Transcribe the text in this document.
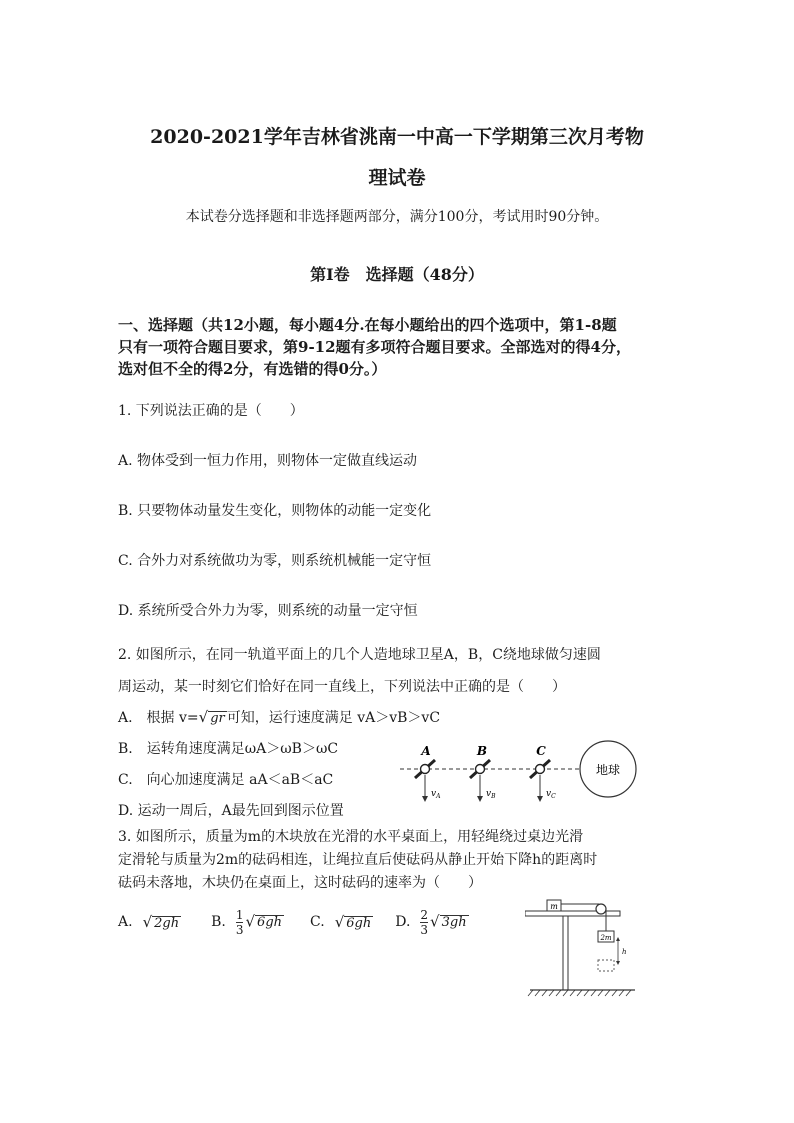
2020-2021学年吉林省洮南一中高一下学期第三次月考物
理试卷
本试卷分选择题和非选择题两部分，满分100分，考试用时90分钟。
第Ⅰ卷　选择题（48分）
一、选择题（共12小题，每小题4分.在每小题给出的四个选项中，第1-8题
只有一项符合题目要求，第9-12题有多项符合题目要求。全部选对的得4分，
选对但不全的得2分，有选错的得0分。）
1. 下列说法正确的是（　　）
A. 物体受到一恒力作用，则物体一定做直线运动
B. 只要物体动量发生变化，则物体的动能一定变化
C. 合外力对系统做功为零，则系统机械能一定守恒
D. 系统所受合外力为零，则系统的动量一定守恒
2. 如图所示，在同一轨道平面上的几个人造地球卫星A，B，C绕地球做匀速圆
周运动，某一时刻它们恰好在同一直线上，下列说法中正确的是（　　）
A.　根据 v=√ gr 可知，运行速度满足 vA＞vB＞vC
B.　运转角速度满足ωA＞ωB＞ωC
C.　向心加速度满足 aA＜aB＜aC
D. 运动一周后，A最先回到图示位置
地球
A
$v_A$
B
$v_B$
C
$v_C$
3. 如图所示，质量为m的木块放在光滑的水平桌面上，用轻绳绕过桌边光滑
定滑轮与质量为2m的砝码相连，让绳拉直后使砝码从静止开始下降h的距离时
砝码未落地，木块仍在桌面上，这时砝码的速率为（　　）
A. √ 2gh B. $\frac{1}{3}$ √ 6gh C. √ 6gh D. $\frac{2}{3}$ √ 3gh
m
2m
h
